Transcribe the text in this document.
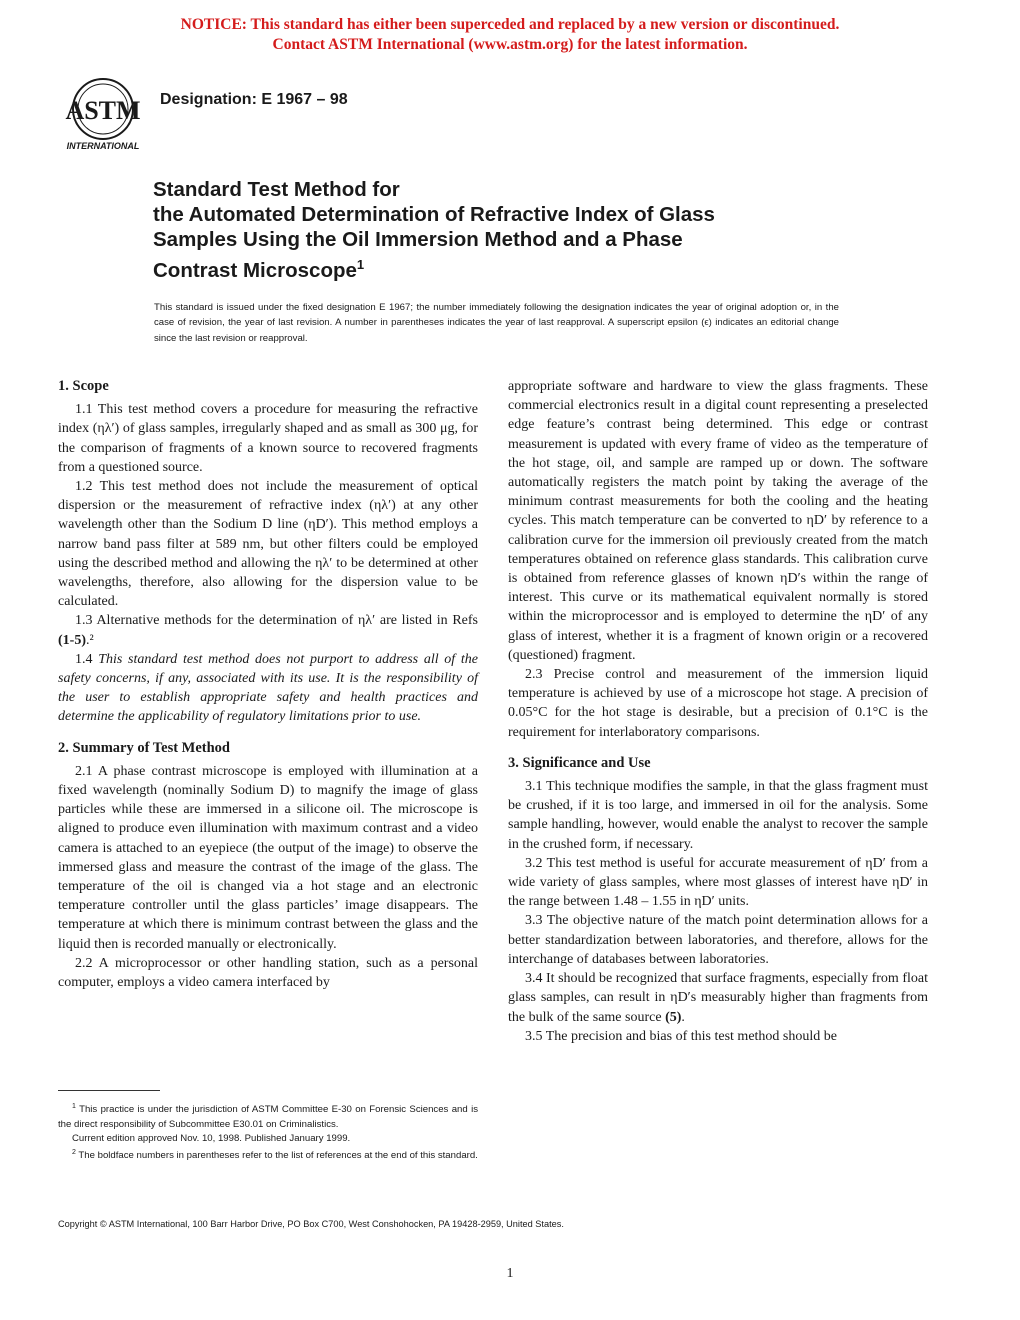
NOTICE: This standard has either been superceded and replaced by a new version or discontinued.
Contact ASTM International (www.astm.org) for the latest information.
ASTM
INTERNATIONAL
Designation: E 1967 – 98
Standard Test Method for
the Automated Determination of Refractive Index of Glass
Samples Using the Oil Immersion Method and a Phase
Contrast Microscope$^1$
This standard is issued under the fixed designation E 1967; the number immediately following the designation indicates the year of original adoption or, in the case of revision, the year of last revision. A number in parentheses indicates the year of last reapproval. A superscript epsilon (ϵ) indicates an editorial change since the last revision or reapproval.
1. Scope

1.1 This test method covers a procedure for measuring the refractive index (ηλ′) of glass samples, irregularly shaped and as small as 300 μg, for the comparison of fragments of a known source to recovered fragments from a questioned source.

1.2 This test method does not include the measurement of optical dispersion or the measurement of refractive index (ηλ′) at any other wavelength other than the Sodium D line (ηD′). This method employs a narrow band pass filter at 589 nm, but other filters could be employed using the described method and allowing the ηλ′ to be determined at other wavelengths, therefore, also allowing for the dispersion value to be calculated.

1.3 Alternative methods for the determination of ηλ′ are listed in Refs (1-5).²

1.4 This standard test method does not purport to address all of the safety concerns, if any, associated with its use. It is the responsibility of the user to establish appropriate safety and health practices and determine the applicability of regulatory limitations prior to use.

2. Summary of Test Method

2.1 A phase contrast microscope is employed with illumination at a fixed wavelength (nominally Sodium D) to magnify the image of glass particles while these are immersed in a silicone oil. The microscope is aligned to produce even illumination with maximum contrast and a video camera is attached to an eyepiece (the output of the image) to observe the immersed glass and measure the contrast of the image of the glass. The temperature of the oil is changed via a hot stage and an electronic temperature controller until the glass particles’ image disappears. The temperature at which there is minimum contrast between the glass and the liquid then is recorded manually or electronically.

2.2 A microprocessor or other handling station, such as a personal computer, employs a video camera interfaced by

$^1$ This practice is under the jurisdiction of ASTM Committee E-30 on Forensic Sciences and is the direct responsibility of Subcommittee E30.01 on Criminalistics.

Current edition approved Nov. 10, 1998. Published January 1999.

$^2$ The boldface numbers in parentheses refer to the list of references at the end of this standard.

appropriate software and hardware to view the glass fragments. These commercial electronics result in a digital count representing a preselected edge feature’s contrast being determined. This edge or contrast measurement is updated with every frame of video as the temperature of the hot stage, oil, and sample are ramped up or down. The software automatically registers the match point by taking the average of the minimum contrast measurements for both the cooling and the heating cycles. This match temperature can be converted to ηD′ by reference to a calibration curve for the immersion oil previously created from the match temperatures obtained on reference glass standards. This calibration curve is obtained from reference glasses of known ηD′s within the range of interest. This curve or its mathematical equivalent normally is stored within the microprocessor and is employed to determine the ηD′ of any glass of interest, whether it is a fragment of known origin or a recovered (questioned) fragment.

2.3 Precise control and measurement of the immersion liquid temperature is achieved by use of a microscope hot stage. A precision of 0.05°C for the hot stage is desirable, but a precision of 0.1°C is the requirement for interlaboratory comparisons.

3. Significance and Use

3.1 This technique modifies the sample, in that the glass fragment must be crushed, if it is too large, and immersed in oil for the analysis. Some sample handling, however, would enable the analyst to recover the sample in the crushed form, if necessary.

3.2 This test method is useful for accurate measurement of ηD′ from a wide variety of glass samples, where most glasses of interest have ηD′ in the range between 1.48 – 1.55 in ηD′ units.

3.3 The objective nature of the match point determination allows for a better standardization between laboratories, and therefore, allows for the interchange of databases between laboratories.

3.4 It should be recognized that surface fragments, especially from float glass samples, can result in ηD′s measurably higher than fragments from the bulk of the same source (5).

3.5 The precision and bias of this test method should be

Copyright © ASTM International, 100 Barr Harbor Drive, PO Box C700, West Conshohocken, PA 19428-2959, United States.
1
